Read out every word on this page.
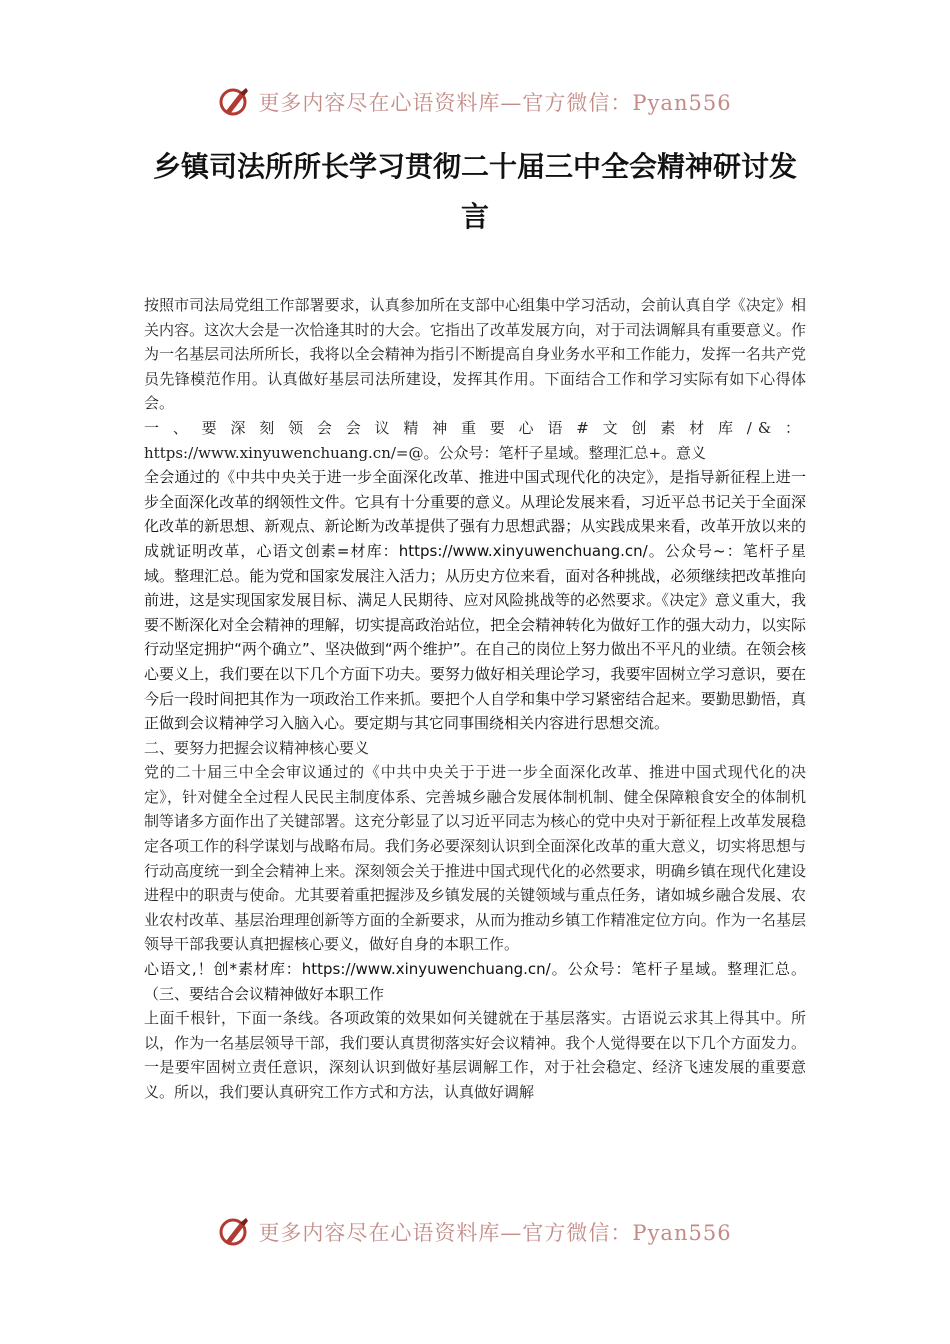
更多内容尽在心语资料库—官方微信：Pyan556
乡镇司法所所长学习贯彻二十届三中全会精神研讨发言

按照市司法局党组工作部署要求，认真参加所在支部中心组集中学习活动，会前认真自学《决定》相关内容。这次大会是一次恰逢其时的大会。它指出了改革发展方向，对于司法调解具有重要意义。作为一名基层司法所所长，我将以全会精神为指引不断提高自身业务水平和工作能力，发挥一名共产党员先锋模范作用。认真做好基层司法所建设，发挥其作用。下面结合工作和学习实际有如下心得体会。

一、要深刻领会会议精神重要心语#文创素材库/&：https://www.xinyuwenchuang.cn/=@。公众号：笔杆子星域。整理汇总+。意义

全会通过的《中共中央关于进一步全面深化改革、推进中国式现代化的决定》，是指导新征程上进一步全面深化改革的纲领性文件。它具有十分重要的意义。从理论发展来看，习近平总书记关于全面深化改革的新思想、新观点、新论断为改革提供了强有力思想武器；从实践成果来看，改革开放以来的成就证明改革，心语文创素=材库：https://www.xinyuwenchuang.cn/。公众号~：笔杆子星域。整理汇总。能为党和国家发展注入活力；从历史方位来看，面对各种挑战，必须继续把改革推向前进，这是实现国家发展目标、满足人民期待、应对风险挑战等的必然要求。《决定》意义重大，我要不断深化对全会精神的理解，切实提高政治站位，把全会精神转化为做好工作的强大动力，以实际行动坚定拥护“两个确立”、坚决做到“两个维护”。在自己的岗位上努力做出不平凡的业绩。在领会核心要义上，我们要在以下几个方面下功夫。要努力做好相关理论学习，我要牢固树立学习意识，要在今后一段时间把其作为一项政治工作来抓。要把个人自学和集中学习紧密结合起来。要勤思勤悟，真正做到会议精神学习入脑入心。要定期与其它同事围绕相关内容进行思想交流。

二、要努力把握会议精神核心要义

党的二十届三中全会审议通过的《中共中央关于于进一步全面深化改革、推进中国式现代化的决定》，针对健全全过程人民民主制度体系、完善城乡融合发展体制机制、健全保障粮食安全的体制机制等诸多方面作出了关键部署。这充分彰显了以习近平同志为核心的党中央对于新征程上改革发展稳定各项工作的科学谋划与战略布局。我们务必要深刻认识到全面深化改革的重大意义，切实将思想与行动高度统一到全会精神上来。深刻领会关于推进中国式现代化的必然要求，明确乡镇在现代化建设进程中的职责与使命。尤其要着重把握涉及乡镇发展的关键领域与重点任务，诸如城乡融合发展、农业农村改革、基层治理理创新等方面的全新要求，从而为推动乡镇工作精准定位方向。作为一名基层领导干部我要认真把握核心要义，做好自身的本职工作。

心语文,！创*素材库：https://www.xinyuwenchuang.cn/。公众号：笔杆子星域。整理汇总。（三、要结合会议精神做好本职工作

上面千根针，下面一条线。各项政策的效果如何关键就在于基层落实。古语说云求其上得其中。所以，作为一名基层领导干部，我们要认真贯彻落实好会议精神。我个人觉得要在以下几个方面发力。一是要牢固树立责任意识，深刻认识到做好基层调解工作，对于社会稳定、经济飞速发展的重要意义。所以，我们要认真研究工作方式和方法，认真做好调解

更多内容尽在心语资料库—官方微信：Pyan556
